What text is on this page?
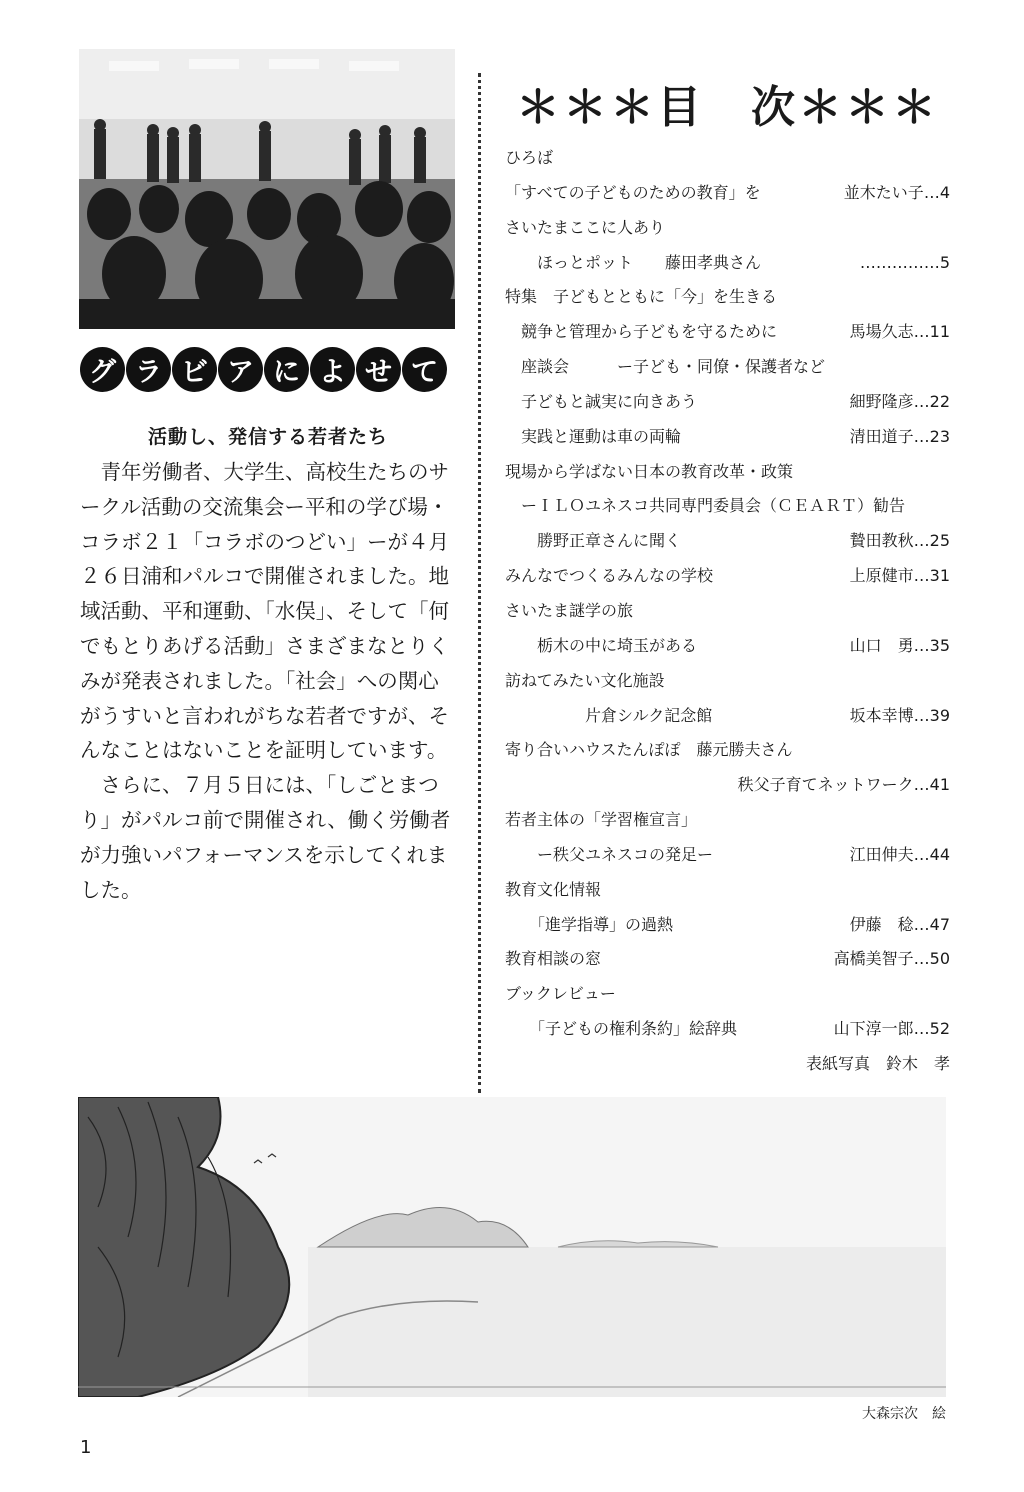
グ ラ ビ ア に よ せ て
活動し、発信する若者たち

青年労働者、大学生、高校生たちのサークル活動の交流集会ー平和の学び場・コラボ２１「コラボのつどい」ーが４月２６日浦和パルコで開催されました。地域活動、平和運動、「水俣」、そして「何でもとりあげる活動」さまざまなとりくみが発表されました。「社会」への関心がうすいと言われがちな若者ですが、そんなことはないことを証明しています。

さらに、７月５日には、「しごとまつり」がパルコ前で開催され、働く労働者が力強いパフォーマンスを示してくれました。

＊＊＊目　次＊＊＊
ひろば
「すべての子どものための教育」を	並木たい子 …4
さいたまここに人あり
　　ほっとポット　　藤田孝典さん	……………5
特集　子どもとともに「今」を生きる
　競争と管理から子どもを守るために	馬場久志 …11
　座談会　　　ー子ども・同僚・保護者など
　子どもと誠実に向きあう	細野隆彦 …22
　実践と運動は車の両輪	清田道子 …23
現場から学ばない日本の教育改革・政策
　ーＩＬＯユネスコ共同専門委員会（ＣＥＡＲＴ）勧告
　　勝野正章さんに聞く	贄田教秋 …25
みんなでつくるみんなの学校	上原健市 …31
さいたま謎学の旅
　　栃木の中に埼玉がある	山口　勇 …35
訪ねてみたい文化施設
　　　　　片倉シルク記念館	坂本幸博 …39
寄り合いハウスたんぽぽ　藤元勝夫さん
秩父子育てネットワーク …41
若者主体の「学習権宣言」
　　ー秩父ユネスコの発足ー	江田伸夫 …44
教育文化情報
　　「進学指導」の過熱	伊藤　稔 …47
教育相談の窓	高橋美智子 …50
ブックレビュー
　　「子どもの権利条約」絵辞典	山下淳一郎 …52
表紙写真　鈴木　孝
大森宗次　絵
1
